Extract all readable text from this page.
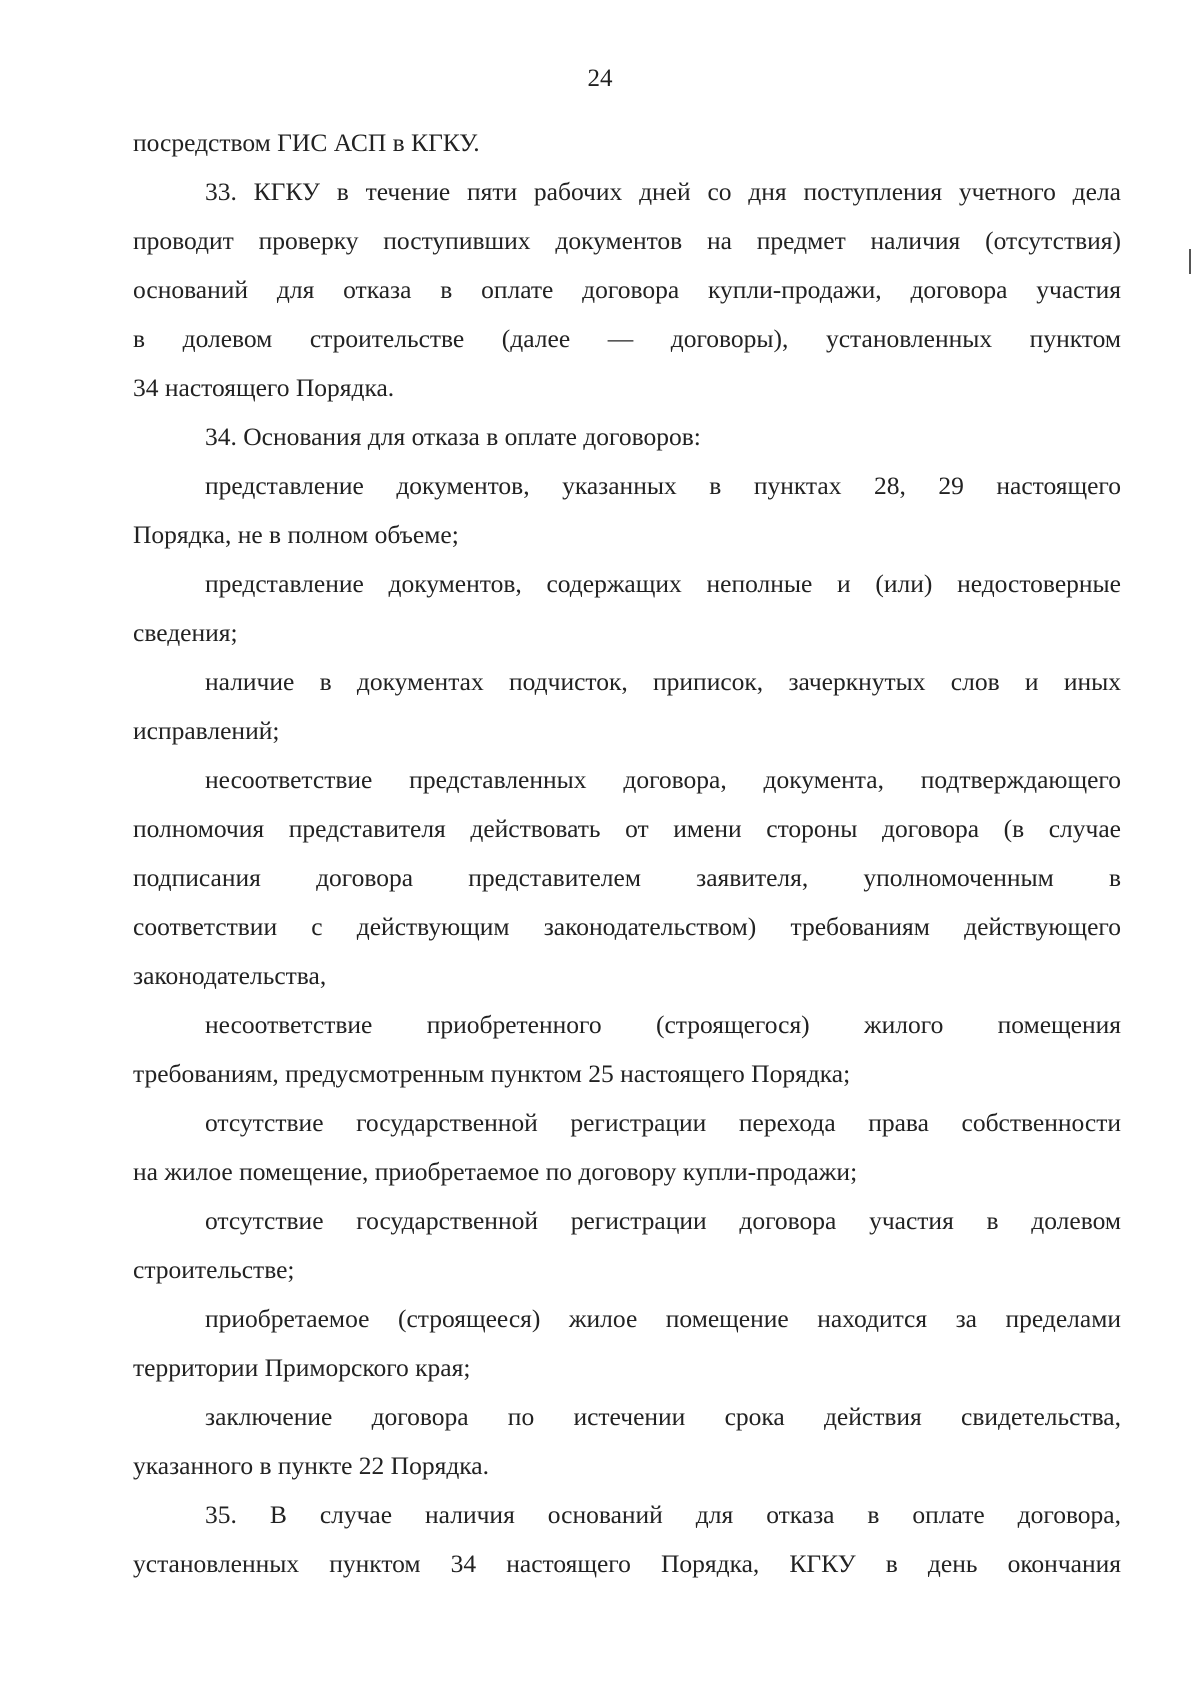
24
посредством ГИС АСП в КГКУ.
33. КГКУ в течение пяти рабочих дней со дня поступления учетного дела
проводит проверку поступивших документов на предмет наличия (отсутствия)
оснований для отказа в оплате договора купли-продажи, договора участия
в долевом строительстве (далее — договоры), установленных пунктом
34 настоящего Порядка.
34. Основания для отказа в оплате договоров:
представление документов, указанных в пунктах 28, 29 настоящего
Порядка, не в полном объеме;
представление документов, содержащих неполные и (или) недостоверные
сведения;
наличие в документах подчисток, приписок, зачеркнутых слов и иных
исправлений;
несоответствие представленных договора, документа, подтверждающего
полномочия представителя действовать от имени стороны договора (в случае
подписания договора представителем заявителя, уполномоченным в
соответствии с действующим законодательством) требованиям действующего
законодательства,
несоответствие приобретенного (строящегося) жилого помещения
требованиям, предусмотренным пунктом 25 настоящего Порядка;
отсутствие государственной регистрации перехода права собственности
на жилое помещение, приобретаемое по договору купли-продажи;
отсутствие государственной регистрации договора участия в долевом
строительстве;
приобретаемое (строящееся) жилое помещение находится за пределами
территории Приморского края;
заключение договора по истечении срока действия свидетельства,
указанного в пункте 22 Порядка.
35. В случае наличия оснований для отказа в оплате договора,
установленных пунктом 34 настоящего Порядка, КГКУ в день окончания
